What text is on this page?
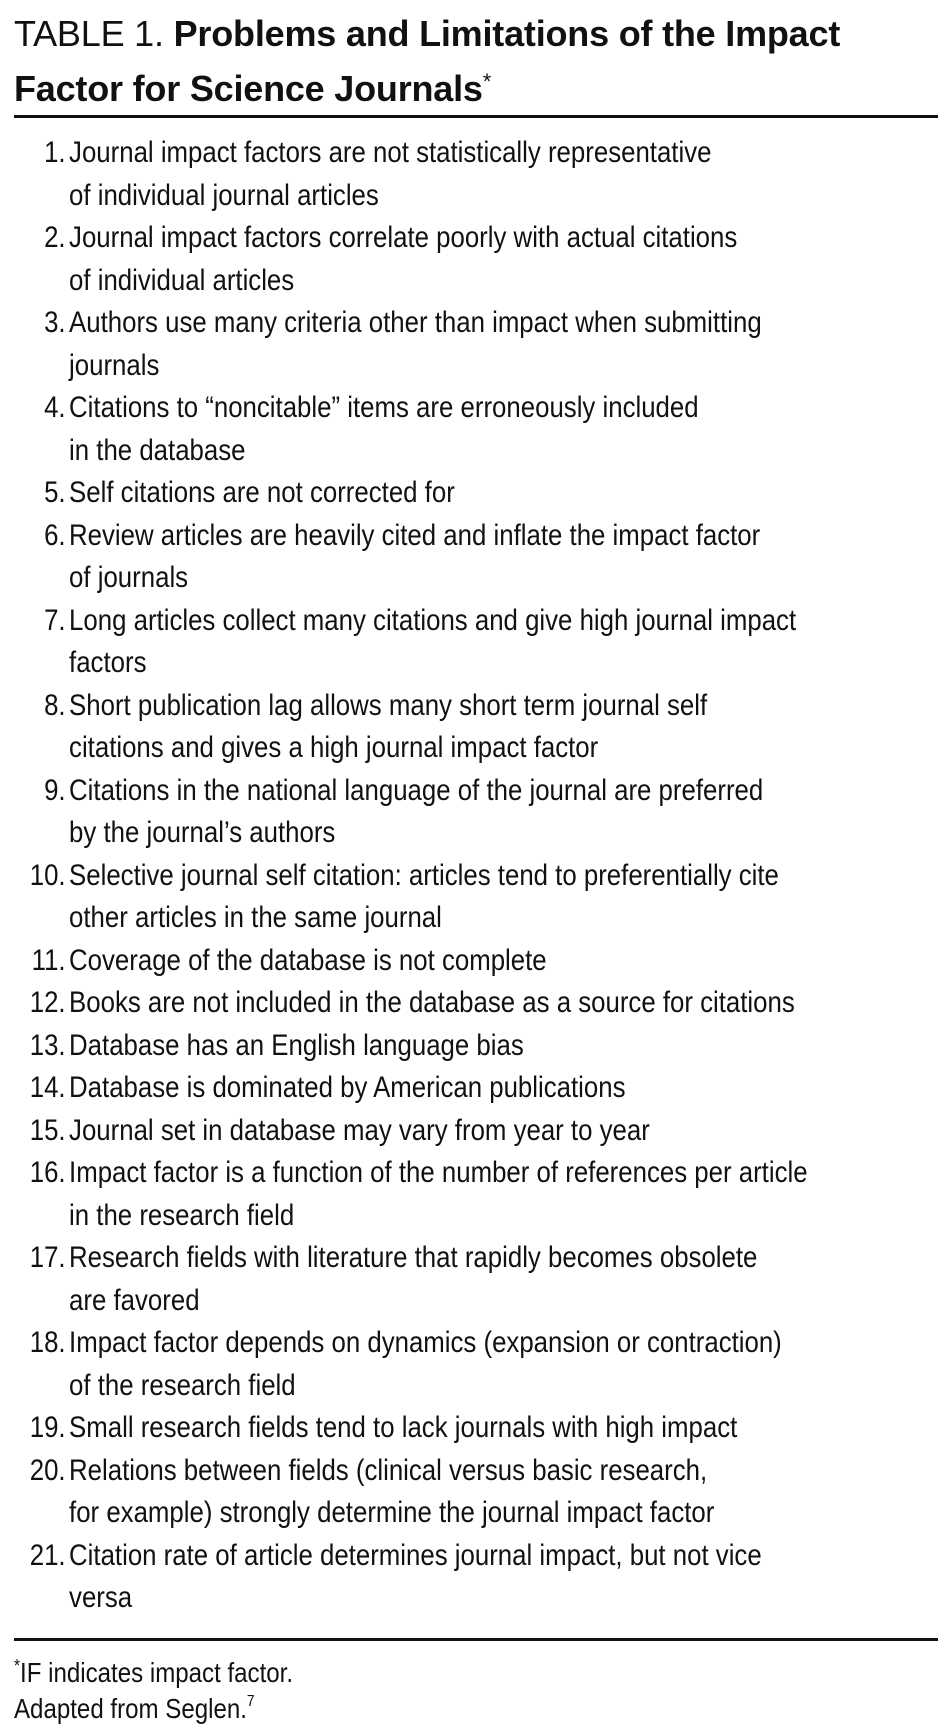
TABLE 1. Problems and Limitations of the Impact Factor for Science Journals*
1. Journal impact factors are not statistically representative
of individual journal articles
2. Journal impact factors correlate poorly with actual citations
of individual articles
3. Authors use many criteria other than impact when submitting
journals
4. Citations to “noncitable” items are erroneously included
in the database
5. Self citations are not corrected for
6. Review articles are heavily cited and inflate the impact factor
of journals
7. Long articles collect many citations and give high journal impact
factors
8. Short publication lag allows many short term journal self
citations and gives a high journal impact factor
9. Citations in the national language of the journal are preferred
by the journal’s authors
10. Selective journal self citation: articles tend to preferentially cite
other articles in the same journal
11. Coverage of the database is not complete
12. Books are not included in the database as a source for citations
13. Database has an English language bias
14. Database is dominated by American publications
15. Journal set in database may vary from year to year
16. Impact factor is a function of the number of references per article
in the research field
17. Research fields with literature that rapidly becomes obsolete
are favored
18. Impact factor depends on dynamics (expansion or contraction)
of the research field
19. Small research fields tend to lack journals with high impact
20. Relations between fields (clinical versus basic research,
for example) strongly determine the journal impact factor
21. Citation rate of article determines journal impact, but not vice
versa
*IF indicates impact factor.
Adapted from Seglen.$^7$
